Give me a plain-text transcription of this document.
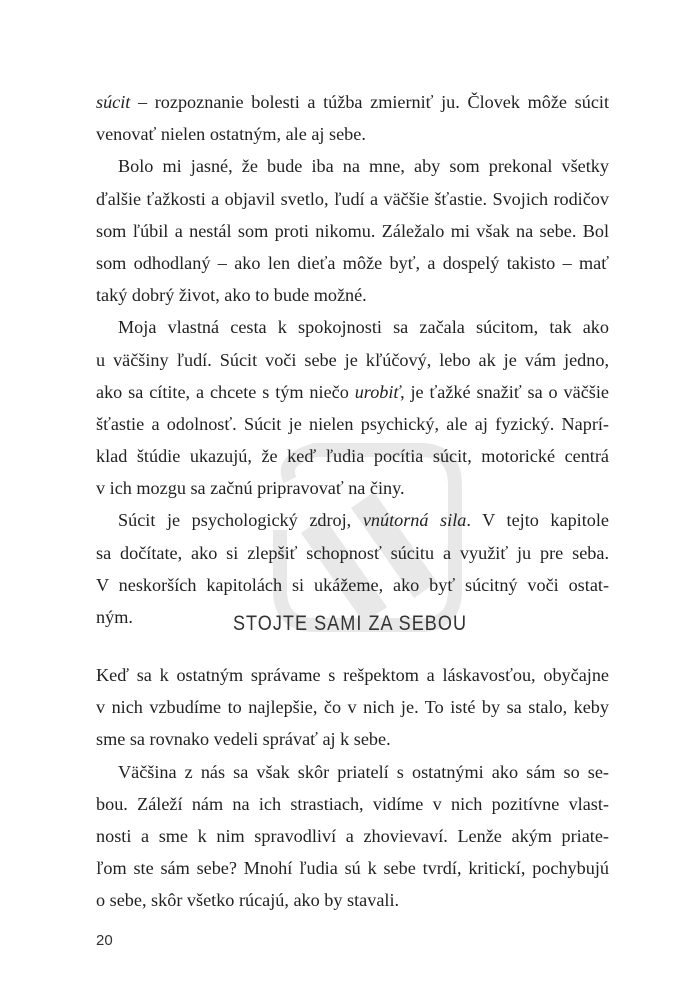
súcit – rozpoznanie bolesti a túžba zmierniť ju. Človek môže súcit
venovať nielen ostatným, ale aj sebe.
Bolo mi jasné, že bude iba na mne, aby som prekonal všetky
ďalšie ťažkosti a objavil svetlo, ľudí a väčšie šťastie. Svojich rodičov
som ľúbil a nestál som proti nikomu. Záležalo mi však na sebe. Bol
som odhodlaný – ako len dieťa môže byť, a dospelý takisto – mať
taký dobrý život, ako to bude možné.
Moja vlastná cesta k spokojnosti sa začala súcitom, tak ako
u väčšiny ľudí. Súcit voči sebe je kľúčový, lebo ak je vám jedno,
ako sa cítite, a chcete s tým niečo urobiť, je ťažké snažiť sa o väčšie
šťastie a odolnosť. Súcit je nielen psychický, ale aj fyzický. Naprí-
klad štúdie ukazujú, že keď ľudia pocítia súcit, motorické centrá
v ich mozgu sa začnú pripravovať na činy.
Súcit je psychologický zdroj, vnútorná sila. V tejto kapitole
sa dočítate, ako si zlepšiť schopnosť súcitu a využiť ju pre seba.
V neskorších kapitolách si ukážeme, ako byť súcitný voči ostat-
ným.	STOJTE SAMI ZA SEBOU
Keď sa k ostatným správame s rešpektom a láskavosťou, obyčajne
v nich vzbudíme to najlepšie, čo v nich je. To isté by sa stalo, keby
sme sa rovnako vedeli správať aj k sebe.
Väčšina z nás sa však skôr priatelí s ostatnými ako sám so se-
bou. Záleží nám na ich strastiach, vidíme v nich pozitívne vlast-
nosti a sme k nim spravodliví a zhovievaví. Lenže akým priate-
ľom ste sám sebe? Mnohí ľudia sú k sebe tvrdí, kritickí, pochybujú
o sebe, skôr všetko rúcajú, ako by stavali.
20
